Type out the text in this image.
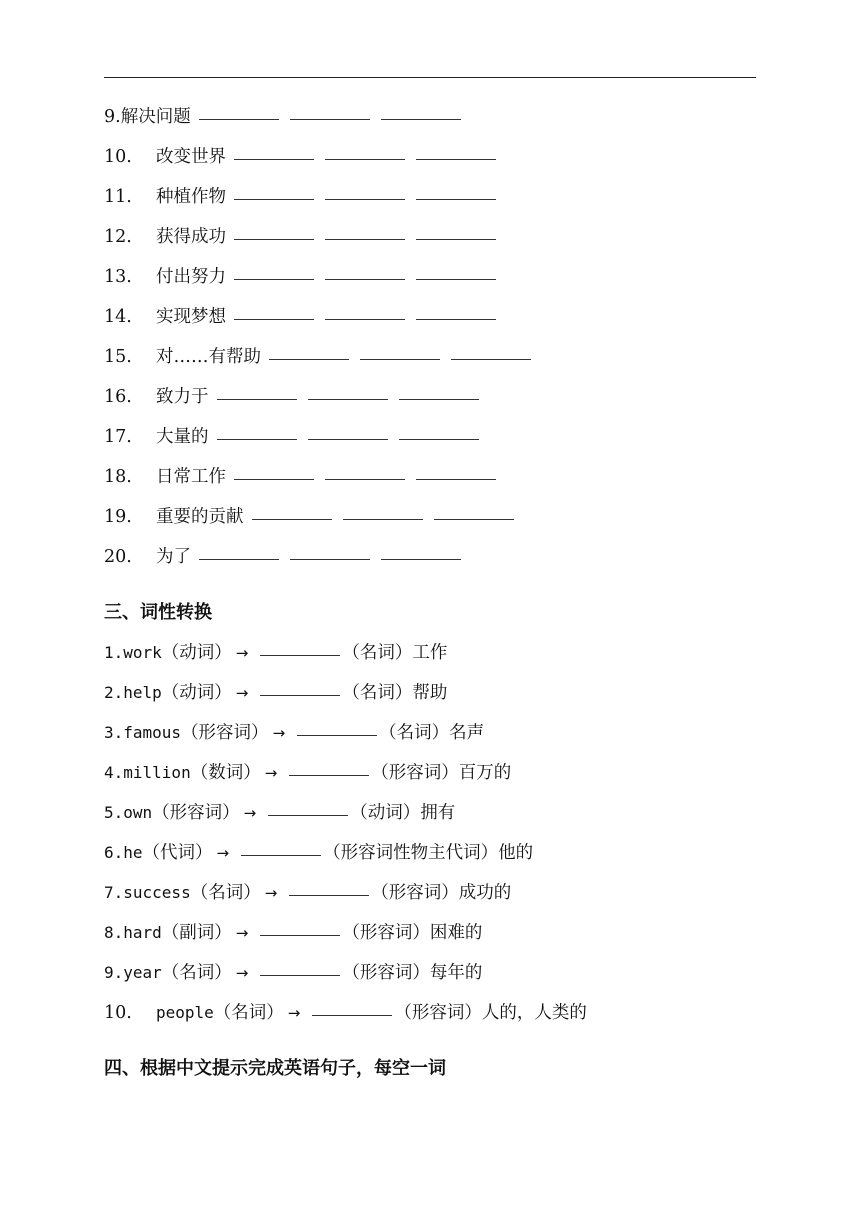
9. 解决问题
10.	改变世界
11.	种植作物
12.	获得成功
13.	付出努力
14.	实现梦想
15.	对……有帮助
16.	致力于
17.	大量的
18.	日常工作
19.	重要的贡献
20.	为了
三、词性转换
1. work （动词） →	（名词）工作
2. help （动词） →	（名词）帮助
3. famous （形容词） →	（名词）名声
4. million （数词） →	（形容词）百万的
5. own （形容词） →	（动词）拥有
6. he （代词） →	（形容词性物主代词）他的
7. success （名词） →	（形容词）成功的
8. hard （副词） →	（形容词）困难的
9. year （名词） →	（形容词）每年的
10.	people （名词） →	（形容词）人的，人类的
四、根据中文提示完成英语句子，每空一词
